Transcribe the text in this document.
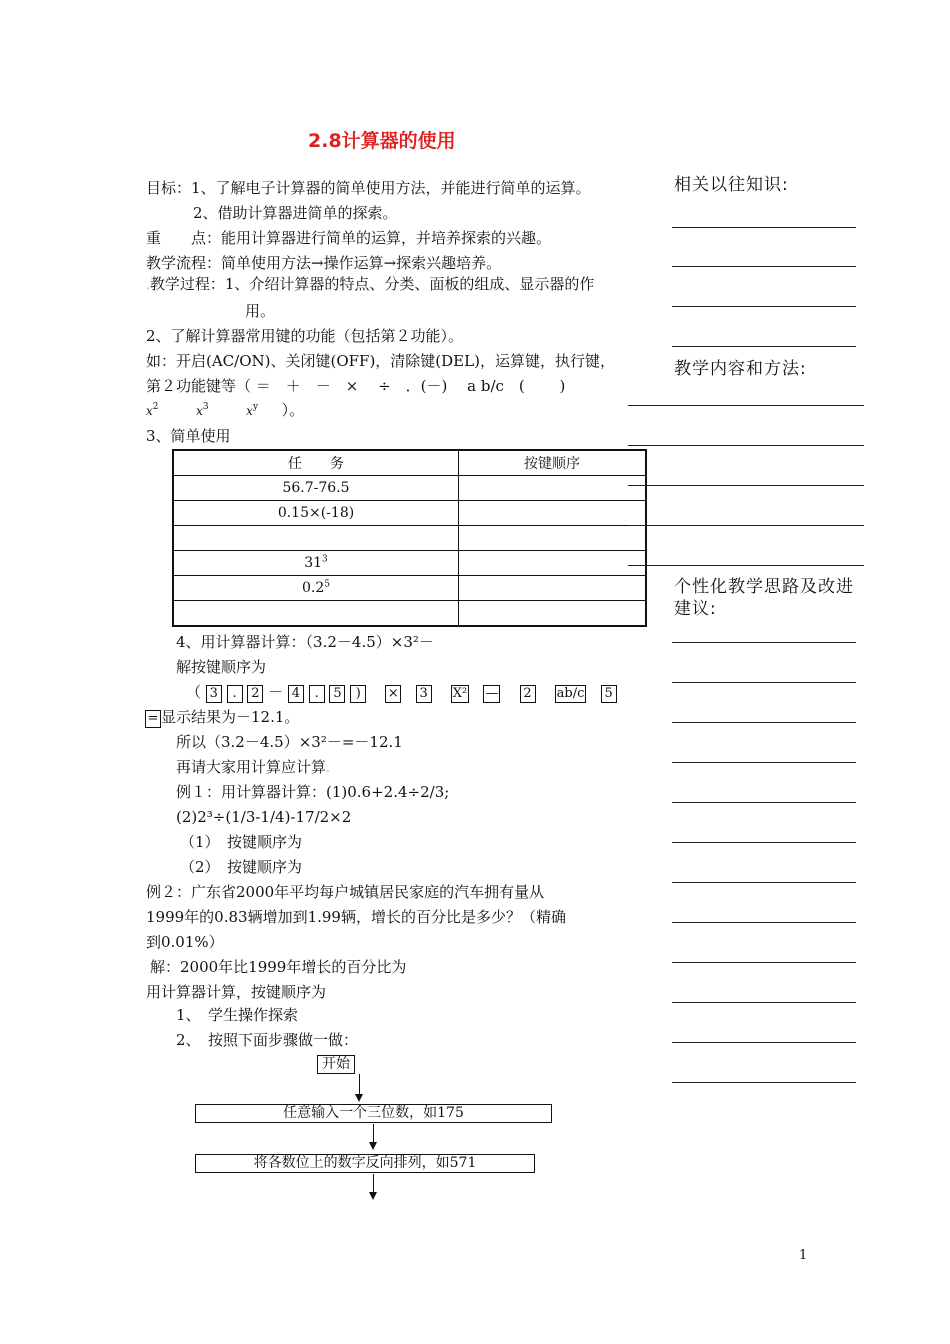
2.8计算器的使用
目标：1、了解电子计算器的简单使用方法，并能进行简单的运算。
2、借助计算器进简单的探索。
重　　点：能用计算器进行简单的运算，并培养探索的兴趣。
教学流程：简单使用方法→操作运算→探索兴趣培养。
.教学过程：1、介绍计算器的特点、分类、面板的组成、显示器的作
用。
2、了解计算器常用键的功能（包括第２功能）。
如：开启(AC/ON)、关闭键(OFF)，清除键(DEL)，运算键，执行键，
第２功能键等（ ＝　＋　－　×　 ÷　．(－)　 a b/c　(　　 )
$x^2$	$x^3$	$x^y$ ）。
3、简单使用
任　　务	按键顺序
56.7-76.5	
0.15×(-18)	

$31^3$	
$0.2^5$	

4、用计算器计算：（3.2－4.5）×3²－
解按键顺序为
（ 3 . 2 － 4 . 5 ) × 3 X² — 2 ab/c 5
= 显示结果为－12.1。
所以（3.2－4.5）×3²－=－12.1
再请大家用计算应计算.
例１：用计算器计算：(1)0.6+2.4÷2/3;
(2)2³÷(1/3-1/4)-17/2×2
（1）　按键顺序为
（2）　按键顺序为
例２：广东省2000年平均每户城镇居民家庭的汽车拥有量从
1999年的0.83辆增加到1.99辆，增长的百分比是多少？（精确
到0.01%）
解：2000年比1999年增长的百分比为
用计算器计算，按键顺序为
1、　学生操作探索
2、　按照下面步骤做一做：
开始
任意输入一个三位数，如175
将各数位上的数字反向排列，如571
相关以往知识:
教学内容和方法:
个性化教学思路及改进
建议:
1
